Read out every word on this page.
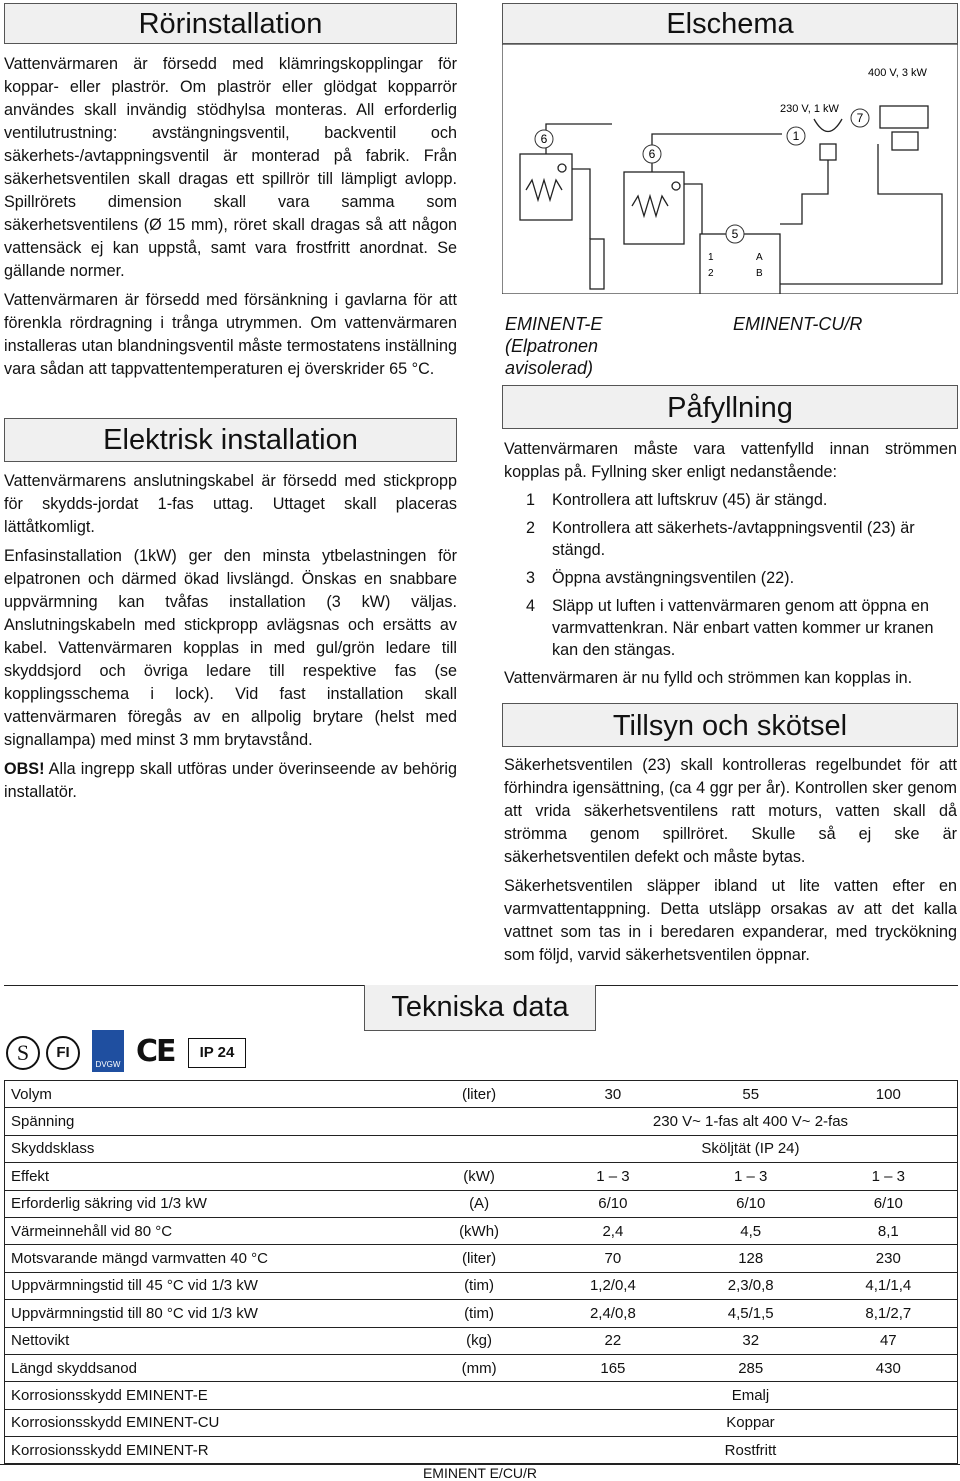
Rörinstallation

Vattenvärmaren är försedd med klämringskopplingar för koppar- eller plaströr. Om plaströr eller glödgat kopparrör användes skall invändig stödhylsa monteras. All erforderlig ventilutrustning: avstängningsventil, backventil och säkerhets-/avtappningsventil är monterad på fabrik. Från säkerhetsventilen skall dragas ett spillrör till lämpligt avlopp. Spillrörets dimension skall vara samma som säkerhetsventilens (Ø 15 mm), röret skall dragas så att någon vattensäck ej kan uppstå, samt vara frostfritt anordnat. Se gällande normer.

Vattenvärmaren är försedd med försänkning i gavlarna för att förenkla rördragning i trånga utrymmen. Om vattenvärmaren installeras utan blandningsventil måste termostatens inställning vara sådan att tappvattentemperaturen ej överskrider 65 °C.

Elektrisk installation

Vattenvärmarens anslutningskabel är försedd med stickpropp för skydds-jordat 1-fas uttag. Uttaget skall placeras lättåtkomligt.

Enfasinstallation (1kW) ger den minsta ytbelastningen för elpatronen och därmed ökad livslängd. Önskas en snabbare uppvärmning kan tvåfas installation (3 kW) väljas. Anslutningskabeln med stickpropp avlägsnas och ersätts av kabel. Vattenvärmaren kopplas in med gul/grön ledare till skyddsjord och övriga ledare till respektive fas (se kopplingsschema i lock). Vid fast installation skall vattenvärmaren föregås av en allpolig brytare (helst med signallampa) med minst 3 mm brytavstånd.

OBS! Alla ingrepp skall utföras under överinseende av behörig installatör.

Elschema
6
6
5
1
2
A
B
1
230 V, 1 kW
7
400 V, 3 kW
EMINENT-E (Elpatronen avisolerad)
EMINENT-CU/R
Påfyllning
Vattenvärmaren måste vara vattenfylld innan strömmen kopplas på. Fyllning sker enligt nedanstående:
1 Kontrollera att luftskruv (45) är stängd.
2 Kontrollera att säkerhets-/avtappningsventil (23) är stängd.
3 Öppna avstängningsventilen (22).
4 Släpp ut luften i vattenvärmaren genom att öppna en varmvattenkran. När enbart vatten kommer ur kranen kan den stängas.
Vattenvärmaren är nu fylld och strömmen kan kopplas in.
Tillsyn och skötsel

Säkerhetsventilen (23) skall kontrolleras regelbundet för att förhindra igensättning, (ca 4 ggr per år). Kontrollen sker genom att vrida säkerhetsventilens ratt moturs, vatten skall då strömma genom spillröret. Skulle så ej ske är säkerhetsventilen defekt och måste bytas.

Säkerhetsventilen släpper ibland ut lite vatten efter en varmvattentappning. Detta utsläpp orsakas av att det kalla vattnet som tas in i beredaren expanderar, med tryckökning som följd, varvid säkerhetsventilen öppnar.

Tekniska data
S	FI
DVGW CE	IP 24
Volym	(liter)	30	55	100
Spänning		230 V~ 1-fas alt 400 V~ 2-fas		
Skyddsklass		Sköljtät (IP 24)		
Effekt	(kW)	1 – 3	1 – 3	1 – 3
Erforderlig säkring vid 1/3 kW	(A)	6/10	6/10	6/10
Värmeinnehåll vid 80 °C	(kWh)	2,4	4,5	8,1
Motsvarande mängd varmvatten 40 °C	(liter)	70	128	230
Uppvärmningstid till 45 °C vid 1/3 kW	(tim)	1,2/0,4	2,3/0,8	4,1/1,4
Uppvärmningstid till 80 °C vid 1/3 kW	(tim)	2,4/0,8	4,5/1,5	8,1/2,7
Nettovikt	(kg)	22	32	47
Längd skyddsanod	(mm)	165	285	430
Korrosionsskydd EMINENT-E		Emalj		
Korrosionsskydd EMINENT-CU		Koppar		
Korrosionsskydd EMINENT-R		Rostfritt		
EMINENT E/CU/R
